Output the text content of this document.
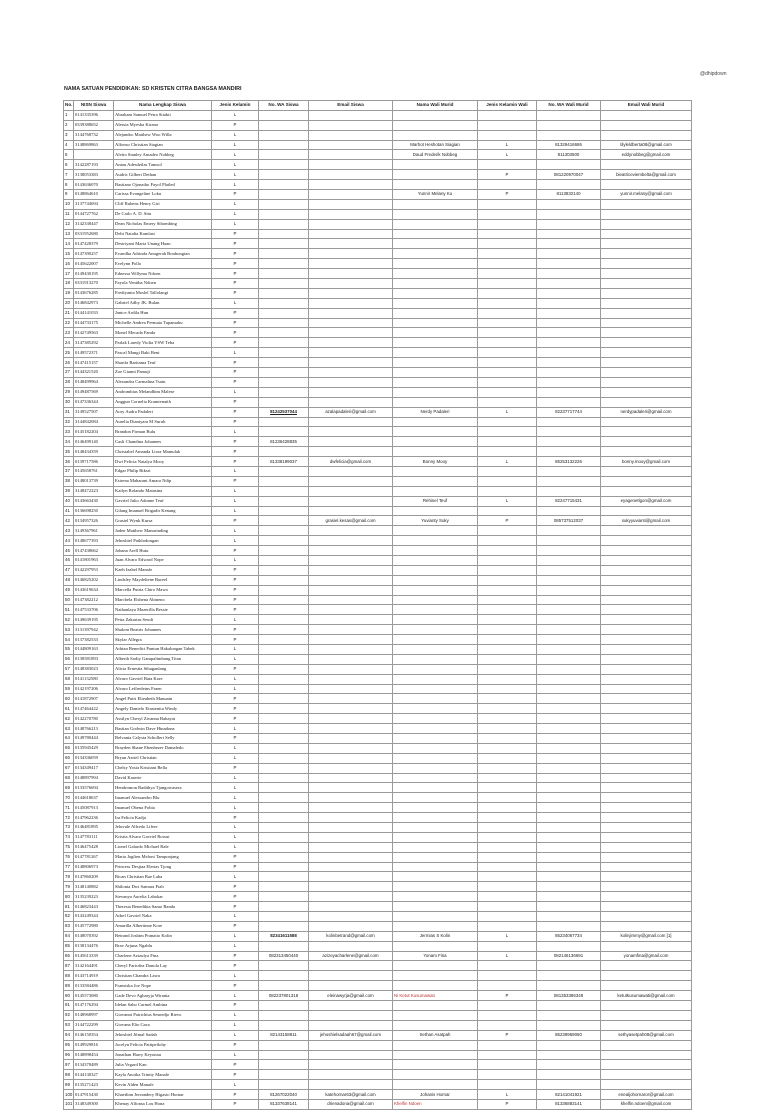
@dhipdown
NAMA SATUAN PENDIDIKAN: SD KRISTEN CITRA BANGSA MANDIRI
No.	NISN Siswa	Nama Lengkap Siswa	Jenis Kelamin	No. WA Siswa	Email Siswa	Nama Wali Murid	Jenis Kelamin Wali	No. WA Wali Murid	Email Wali Murid
1	0141335396	Abraham Samuel Petra Sitakti	L						
2	0339388652	Alessia Myesha Kirana	P						
3	3144768732	Alejandro Matthew Woo Willa	L						
4	3148869863	Alfonso Christian Siagian	L			Marhot Heshotan Siagian	L	81329416686	tilyleldberta08@gmail.com
5		Alvito Stanley Amadeo Nobbeg	L			Daud Frederik Nobbeg	L	811303500	eddynobbeg@gmail.com
6	3142287193	Antau Adesdzilas Tamsol	L						
7	3138053383	Audric Gilbert Dethan	L				P	081220970047	bieatriceviembelta@gmail.com
8	0143636070	Bastiano Ojonatho Fayol Platled	L						
9	0148864610	Carissa Evangeline Loku	P			Yunnir Melany Ku	P	8113832140	yunnir.melany@gmail.com
10	3137744694	Cliff Rubens Henry Giri	L						
11	0144727762	De Carlo A. D. Situ	L						
12	3142338447	Dean Nicholas Emery Sihombing	L						
13	0331952680	Debi Natalia Kamlasi	P						
14	0147428379	Destriyani Maria Unang Haan	P						
15	0147390257	Evandha Adrinda Anugerah Bonbongian	P						
16	0145622007	Evelynn Pollo	P						
17	0149430195	Ednessa Willyma Ndoen	P						
18	0331913270	Fayola Venitha Ndoen	P						
19	0143676285	Frediyanta Moslel Tallolangi	P						
20	0146842973	Gabriel Adhy JK. Bulan	L						
21	0144141033	Janice Ardila Hun	P						
22	0144733175	Michelle Andrea Permata Tupamahu	P						
23	0142749563	Monel Mecada Fanda	P						
24	3147385292	Parlak Laredy Violia YSW Teba	P						
25	0149572371	Pascal Mangi Baki Beni	L						
26	0147415157	Sharifa Baritama Teuf	P						
27	0144321520	Zoe Gianni Pamuji	P						
28	0148499964	Alexandra Carmalina Tsain	P						
29	0149487569	Andrombias Melandhim Malese	L						
30	0147336344	Anggun Cornelia Kramtenaith	P						
31	3149527507	Aory Audra Padaleri	P	81242537044	azalapadaleri@gmail.com	Nerdy Padaleri	L	82237717744	nerdypadaleri@gmail.com
32	3144842084	Aurelia Dianiyara M Suruh	P						
33	0145182204	Brandon Firman Bulu	L						
34	0146499140	Casli Chandina Johannes	P	81236428835					
35	0148434359	Christabel Amanda Liora Mamulak	P						
36	0139717586	Dwi Felicia Natalya Mooy	P	81338199037	dwfelicia@gmail.com	Bonny Mooy	L	85253132226	bonny.mooy@gmail.com
37	0145658761	Edgar Philip Riksri	L						
38	0148013739	Estrena Maharani Amara Ndip	P						
39	3148472223	Kailyn Rolando Matasina	L						
40	0143663430	Gavriel Julio Adonne Teuf	L			Rehinel Teuf	L	82247715431	eyagenetlgon@gmail.com
41	0136698250	Gilang Imanuel Brigadir Kenang	L						
42	0134957326	Grasiel Wynk Kursa	P		grasiel.kesas@gmail.com	Yuvianty Suky	P	085737512037	sukyyuvianti@gmail.com
43	3149367961	Jaden Matthew Manurinding	L						
44	0148677393	Jehoshiel Pathlodongan	L						
45	0147438662	Johana Arell Hutu	P						
46	0141801963	Juan Alvaro Edward Nope	L						
47	0142297953	Kaeh Izabel Manafe	P						
48	0146825202	Lindsley Maydeliene Bureel	P						
49	0143619634	Marcella Putria Chiro Mawo	P						
50	0147382212	Marchela Elshena Abineno	P						
51	0147533706	Nathanlaya Mazerilla Bessie	P						
52	0149639195	Petra Zakarias Seudi	L						
53	3131397942	Shalom Beatris Johannes	P						
54	0137382533	Skylar Allegra	P						
55	0144809163	Adrian Benedict Pantun Hakalongan Tabek	L						
56	0138581893	Alberth Sodiy Gampalimbang Titan	L						
57	0148383023	Alicia Ernestia Sihaganlang	P						
58	0141132580	Alvaro Gavriel Bata Kore	L						
59	0142197206	Alvaro Leffredeins Fraen	L						
60	0141872907	Angel Putri Elizabeth Manuain	P						
61	0147464422	Angely Danielo Einstenita Windy	P						
62	0142270780	Assilyn Cheryl Zivanna Babayat	P						
63	0148766213	Bastian Godwin Dave Hinadona	L						
64	0149780444	Belvania Calysta Schollert Selly	P						
65	0135945429	Brayden Shane Ebenhezer Damaledo	L						
66	0134336059	Bryan Azriel Christian	L						
67	0134349417	Chelsy Yosia Kristiani Bella	P						
68	0148897994	David Kaserie	L						
69	0133576694	Hendromon Radithya Tjangowasera	L						
70	0144618637	Imanuel Alessandro Blu	L						
71	0145087913	Imanuel Obena Fobia	L						
72	0147962236	Ira Felicia Kadja	P						
73	0146481895	Jeluvale Alfredo Lifere	L						
74	3147783111	Kristia Alvaro Gavriel Rorsui	L						
75	0146475428	Lionel Galardo Michael Rale	L						
76	0147781267	Maria Jagfien Meloni Tamponjang	P						
77	0148806973	Princess Desjiaa Elerias Tjong	P						
78	0147860209	Rican Christian Rae Laba	L						
79	3148140882	Shilonia Dwi Samara Fiah	P						
80	3135239223	Stevanya Aurelia Lahokar	P						
81	0146823443	Theresia Benedikta Samo Randa	P						
82	0143249344	Adsel Gavriel Naka	L						
83	0145772980	Amarilla Albertinne Kore	P						
84	0148070392	Betrand Joshim Pranatio Kolin	L	82341611588	kolinbetrand@gmail.com	Jermias S Kolin	L	85234067734	kolinjimmy@gmail.com [1]
85	0138134476	Brav Arjuna Ngablu	L						
86	0145613339	Charlene Azizulya Fina	P	082313450440	azizeyacharlene@gmail.com	Yonam Fina	L	082146136691	yonamfina@gmail.com
87	3142164491	Cheryl Faricdea Danola Lay	P						
88	0143714919	Christian Chandra Lawa	L						
89	0133584486	Fransiska Joe Nope	P						
90	0145573080	Gade Devo Agharyja Wirania	L	082237801318	eleinawyrja@gmail.com	Ni Ketut Kusumawati	P	081353386348	ketutkusumawati@gmail.com
91	0147176294	Idelan Sabo Carmel Ambina	P						
92	0148968997	Giovanni Patrichius Sesnedjo Rievo	L						
93	3144722299	Giovana Elio Gora	L						
94	0146150354	Jehoshiel Jilmal Sadah	L	82143158811	jehoshielsadaah67@gmail.com	Sethan Asatpah	P	85239959060	sethyasetpah08@gmail.com
95	0149929816	Jocelyn Felicia Pattipeilohy	P						
96	0148898454	Jonathan Harry Keyonau	L						
97	0134378489	Julia Vegard Kan	P						
98	0144130327	Kayla Anoika Trinity Manafe	P						
99	0135271423	Kevin Alden Manafe	L						
100	0147915430	Khaetlinn Jereandery Higasio Hornar	P	81267022040	katehornar63@gmail.com	Johanis Hornar	L	82141041921	enealjohornaror@gmail.com
101	3148349300	Khenay Alfonsa Lou Hona	P	81337638141	drienadona@gmail.com	Khelfin Ndoen	P	81336883141	khelfin.ndoen@gmail.com
